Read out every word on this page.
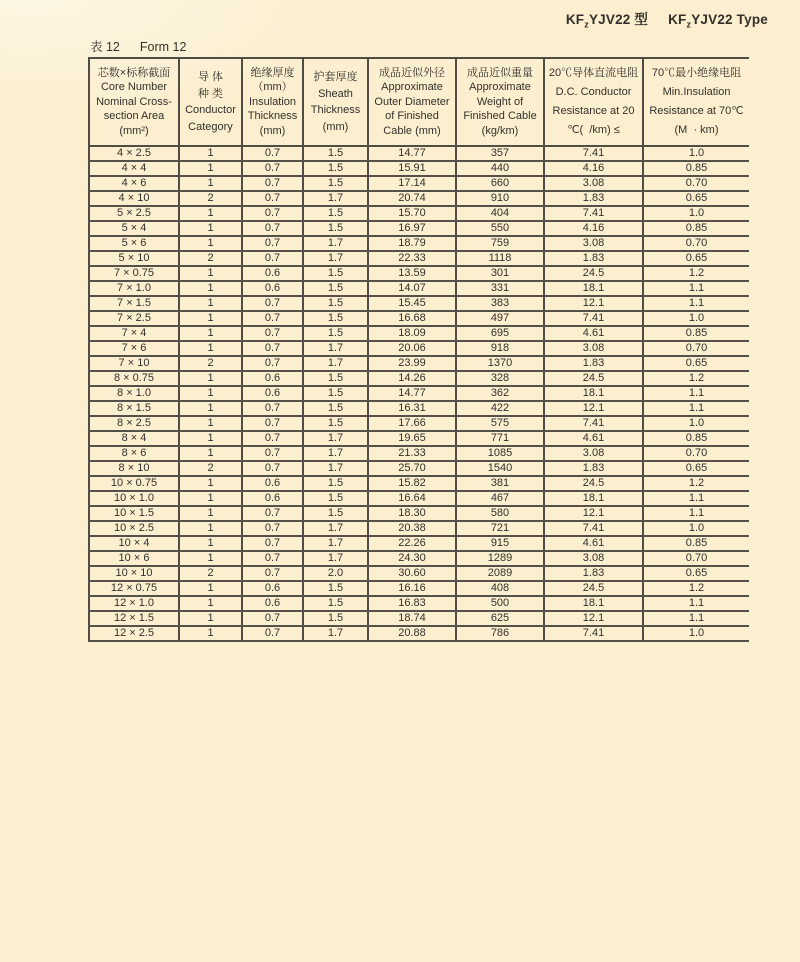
$KF_zYJV22$ 型 $KF_zYJV22$ Type
表 12 Form 12
芯数×标称截面
Core Number
Nominal Cross-
section Area
(mm²)

导 体
种 类
Conductor
Category

绝缘厚度
（mm）
Insulation
Thickness
(mm)

护套厚度
Sheath
Thickness
(mm)

成品近似外径
Approximate
Outer Diameter
of Finished
Cable (mm)

成品近似重量
Approximate
Weight of
Finished Cable
(kg/km)

20℃导体直流电阻
D.C. Conductor
Resistance at 20
℃(  /km) ≤

70℃最小绝缘电阻
Min.Insulation
Resistance at 70℃
(M  · km)

4 × 2.5	1	0.7	1.5	14.77	357	7.41	1.0
4 × 4	1	0.7	1.5	15.91	440	4.16	0.85
4 × 6	1	0.7	1.5	17.14	660	3.08	0.70
4 × 10	2	0.7	1.7	20.74	910	1.83	0.65
5 × 2.5	1	0.7	1.5	15.70	404	7.41	1.0
5 × 4	1	0.7	1.5	16.97	550	4.16	0.85
5 × 6	1	0.7	1.7	18.79	759	3.08	0.70
5 × 10	2	0.7	1.7	22.33	1118	1.83	0.65
7 × 0.75	1	0.6	1.5	13.59	301	24.5	1.2
7 × 1.0	1	0.6	1.5	14.07	331	18.1	1.1
7 × 1.5	1	0.7	1.5	15.45	383	12.1	1.1
7 × 2.5	1	0.7	1.5	16.68	497	7.41	1.0
7 × 4	1	0.7	1.5	18.09	695	4.61	0.85
7 × 6	1	0.7	1.7	20.06	918	3.08	0.70
7 × 10	2	0.7	1.7	23.99	1370	1.83	0.65
8 × 0.75	1	0.6	1.5	14.26	328	24.5	1.2
8 × 1.0	1	0.6	1.5	14.77	362	18.1	1.1
8 × 1.5	1	0.7	1.5	16.31	422	12.1	1.1
8 × 2.5	1	0.7	1.5	17.66	575	7.41	1.0
8 × 4	1	0.7	1.7	19.65	771	4.61	0.85
8 × 6	1	0.7	1.7	21.33	1085	3.08	0.70
8 × 10	2	0.7	1.7	25.70	1540	1.83	0.65
10 × 0.75	1	0.6	1.5	15.82	381	24.5	1.2
10 × 1.0	1	0.6	1.5	16.64	467	18.1	1.1
10 × 1.5	1	0.7	1.5	18.30	580	12.1	1.1
10 × 2.5	1	0.7	1.7	20.38	721	7.41	1.0
10 × 4	1	0.7	1.7	22.26	915	4.61	0.85
10 × 6	1	0.7	1.7	24.30	1289	3.08	0.70
10 × 10	2	0.7	2.0	30.60	2089	1.83	0.65
12 × 0.75	1	0.6	1.5	16.16	408	24.5	1.2
12 × 1.0	1	0.6	1.5	16.83	500	18.1	1.1
12 × 1.5	1	0.7	1.5	18.74	625	12.1	1.1
12 × 2.5	1	0.7	1.7	20.88	786	7.41	1.0
